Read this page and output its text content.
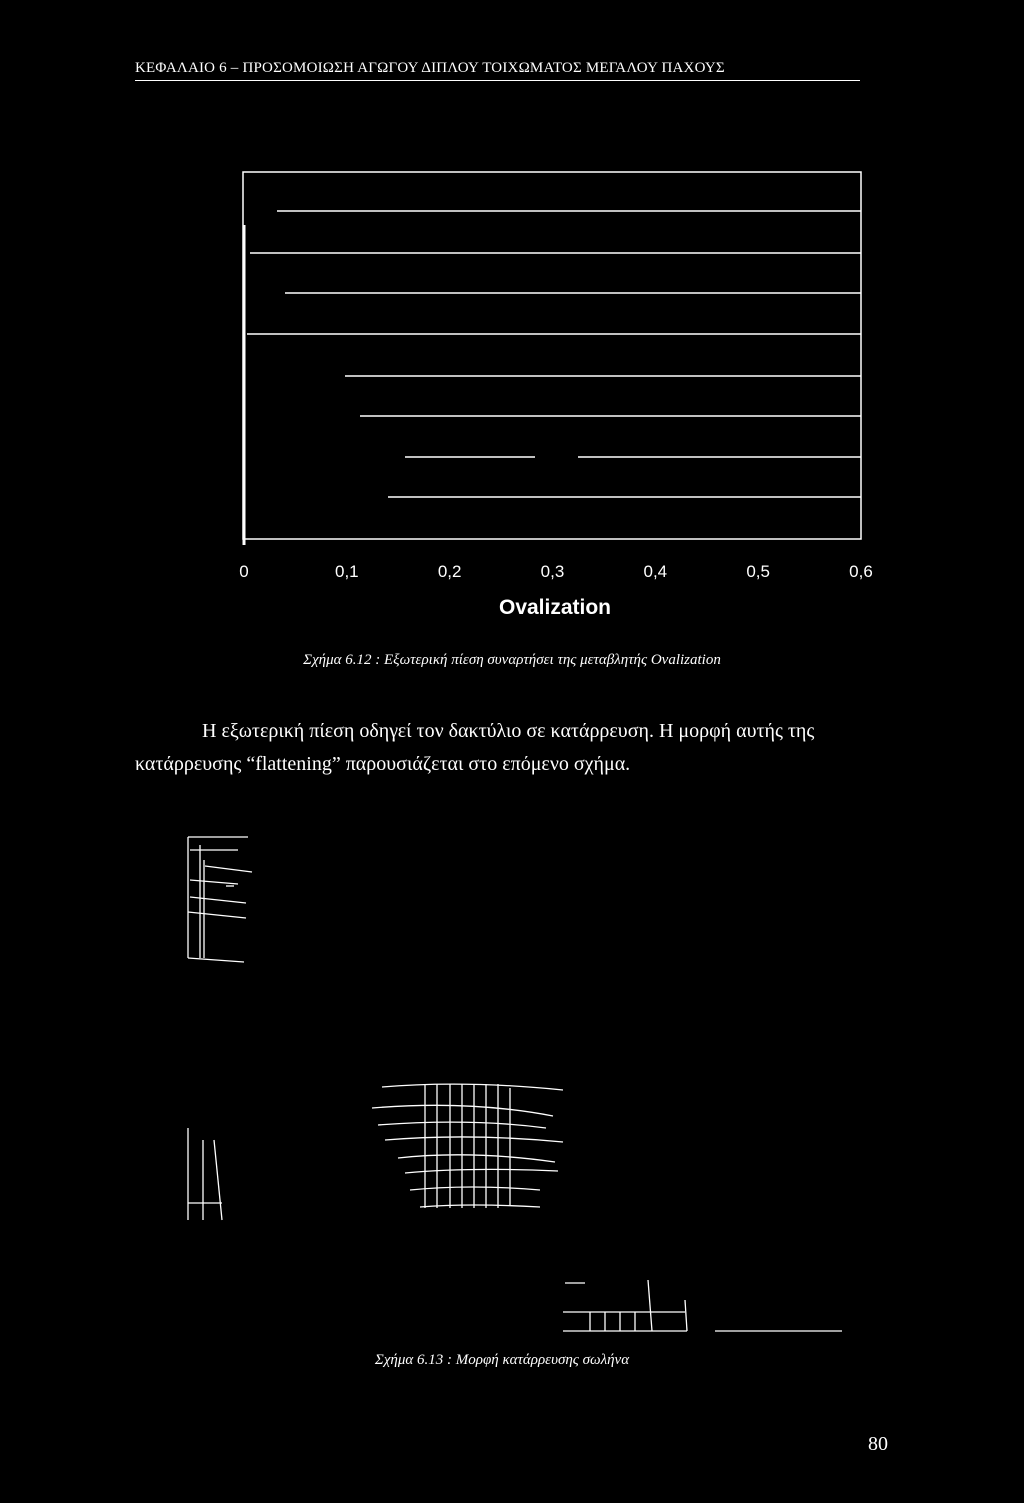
ΚΕΦΑΛΑΙΟ 6 – ΠΡΟΣΟΜΟΙΩΣΗ ΑΓΩΓΟΥ ΔΙΠΛΟΥ ΤΟΙΧΩΜΑΤΟΣ ΜΕΓΑΛΟΥ ΠΑΧΟΥΣ
0	0,1	0,2	0,3	0,4	0,5	0,6
Ovalization
Σχήμα 6.12 : Εξωτερική πίεση συναρτήσει της μεταβλητής Ovalization
Η εξωτερική πίεση οδηγεί τον δακτύλιο σε κατάρρευση. Η μορφή αυτής της
κατάρρευσης “flattening” παρουσιάζεται στο επόμενο σχήμα.
Σχήμα 6.13 : Μορφή κατάρρευσης σωλήνα
80
